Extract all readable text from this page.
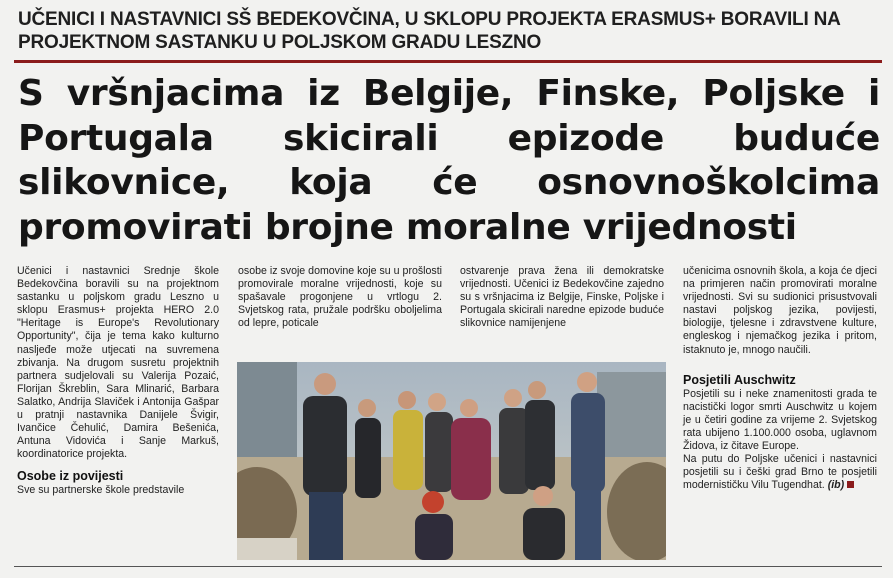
UČENICI I NASTAVNICI SŠ BEDEKOVČINA, U SKLOPU PROJEKTA ERASMUS+ BORAVILI NA PROJEKTNOM SASTANKU U POLJSKOM GRADU LESZNO
S vršnjacima iz Belgije, Finske, Poljske i Portugala skicirali epizode buduće slikovnice, koja će osnovnoškolcima promovirati brojne moralne vrijednosti

Učenici i nastavnici Srednje škole Bedekovčina boravili su na projektnom sastanku u poljskom gradu Leszno u sklopu Erasmus+ projekta HERO 2.0 "Heritage is Europe's Revolutionary Opportunity", čija je tema kako kulturno nasljeđe može utjecati na suvremena zbivanja. Na drugom susretu projektnih partnera sudjelovali su Valerija Pozaić, Florijan Škreblin, Sara Mlinarić, Barbara Salatko, Andrija Slaviček i Antonija Gašpar u pratnji nastavnika Danijele Švigir, Ivančice Čehulić, Damira Bešenića, Antuna Vidovića i Sanje Markuš, koordinatorice projekta.

Osobe iz povijesti

Sve su partnerske škole predstavile

osobe iz svoje domovine koje su u prošlosti promovirale moralne vrijednosti, koje su spašavale progonjene u vrtlogu 2. Svjetskog rata, pružale podršku oboljelima od lepre, poticale

ostvarenje prava žena ili demokratske vrijednosti. Učenici iz Bedekovčine zajedno su s vršnjacima iz Belgije, Finske, Poljske i Portugala skicirali naredne epizode buduće slikovnice namijenjene

učenicima osnovnih škola, a koja će djeci na primjeren način promovirati moralne vrijednosti. Svi su sudionici prisustvovali nastavi poljskog jezika, povijesti, biologije, tjelesne i zdravstvene kulture, engleskog i njemačkog jezika i pritom, istaknuto je, mnogo naučili.

Posjetili Auschwitz

Posjetili su i neke znamenitosti grada te nacistički logor smrti Auschwitz u kojem je u četiri godine za vrijeme 2. Svjetskog rata ubijeno 1.100.000 osoba, uglavnom Židova, iz čitave Europe.

Na putu do Poljske učenici i nastavnici posjetili su i češki grad Brno te posjetili modernističku Vilu Tugendhat. (ib)
